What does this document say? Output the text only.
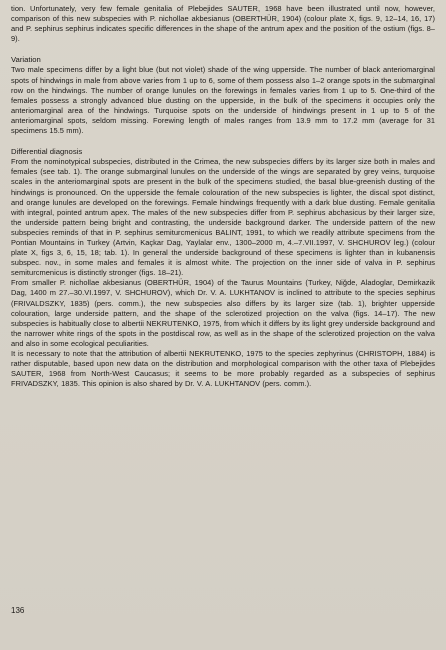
tion. Unfortunately, very few female genitalia of Plebejides SAUTER, 1968 have been illustrated until now, however, comparison of this new subspecies with P. nichollae akbesianus (OBERTHÜR, 1904) (colour plate X, figs. 9, 12–14, 16, 17) and P. sephirus sephirus indicates specific differences in the shape of the antrum apex and the position of the ostium (figs. 8–9).

Variation

Two male specimens differ by a light blue (but not violet) shade of the wing upperside. The number of black anteriomarginal spots of hindwings in male from above varies from 1 up to 6, some of them possess also 1–2 orange spots in the submarginal row on the hindwings. The number of orange lunules on the forewings in females varies from 1 up to 5. One-third of the females possess a strongly advanced blue dusting on the upperside, in the bulk of the specimens it occupies only the anteriomarginal area of the hindwings. Turquoise spots on the underside of hindwings present in 1 up to 5 of the anteriomarginal spots, seldom missing. Forewing length of males ranges from 13.9 mm to 17.2 mm (average for 31 specimens 15.5 mm).

Differential diagnosis

From the nominotypical subspecies, distributed in the Crimea, the new subspecies differs by its larger size both in males and females (see tab. 1). The orange submarginal lunules on the underside of the wings are separated by grey veins, turquoise scales in the anteriomarginal spots are present in the bulk of the specimens studied, the basal blue-greenish dusting of the hindwings is pronounced. On the upperside the female colouration of the new subspecies is lighter, the discal spot distinct, and orange lunules are developed on the forewings. Female hindwings frequently with a dark blue dusting. Female genitalia with integral, pointed antrum apex. The males of the new subspecies differ from P. sephirus abchasicus by their larger size, the underside pattern being bright and contrasting, the underside background darker. The underside pattern of the new subspecies reminds of that in P. sephirus semiturcmenicus BALINT, 1991, to which we readily attribute specimens from the Pontian Mountains in Turkey (Artvin, Kaçkar Dag, Yaylalar env., 1300–2000 m, 4.–7.VII.1997, V. SHCHUROV leg.) (colour plate X, figs 3, 6, 15, 18; tab. 1). In general the underside background of these specimens is lighter than in kubanensis subspec. nov., in some males and females it is almost white. The projection on the inner side of valva in P. sephirus semiturcmenicus is distinctly stronger (figs. 18–21).

From smaller P. nichollae akbesianus (OBERTHÜR, 1904) of the Taurus Mountains (Turkey, Niğde, Aladoglar, Demirkazik Dag, 1400 m 27.–30.VI.1997, V. SHCHUROV), which Dr. V. A. LUKHTANOV is inclined to attribute to the species sephirus (FRIVALDSZKY, 1835) (pers. comm.), the new subspecies also differs by its larger size (tab. 1), brighter upperside colouration, large underside pattern, and the shape of the sclerotized projection on the valva (figs. 14–17). The new subspecies is habitually close to albertii NEKRUTENKO, 1975, from which it differs by its light grey underside background and the narrower white rings of the spots in the postdiscal row, as well as in the shape of the sclerotized projection on the valva and also in some ecological peculiarities.

It is necessary to note that the attribution of albertii NEKRUTENKO, 1975 to the species zephyrinus (CHRISTOPH, 1884) is rather disputable, based upon new data on the distribution and morphological comparison with the other taxa of Plebejides SAUTER, 1968 from North-West Caucasus; it seems to be more probably regarded as a subspecies of sephirus FRIVADSZKY, 1835. This opinion is also shared by Dr. V. A. LUKHTANOV (pers. comm.).

136
